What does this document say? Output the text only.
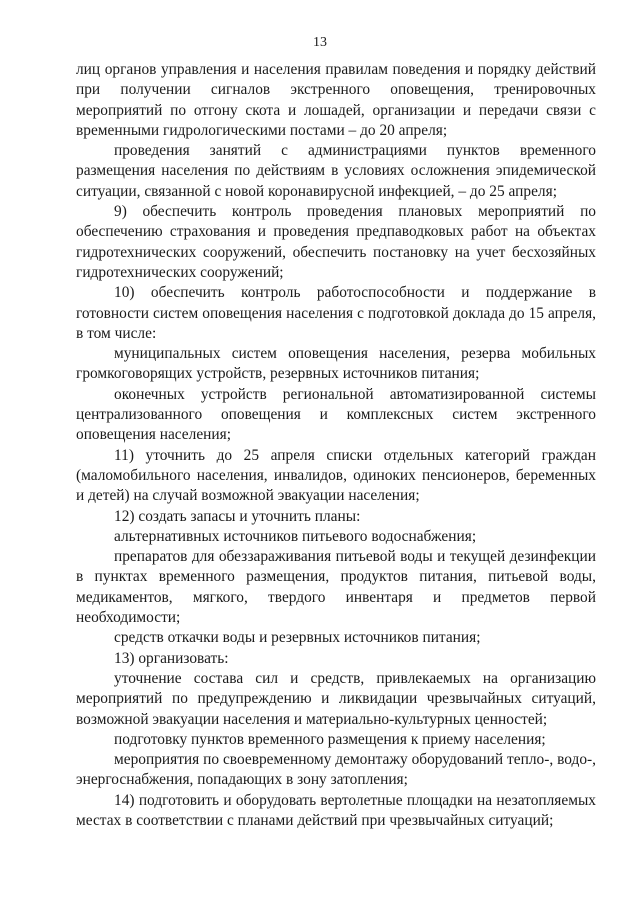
13

лиц органов управления и населения правилам поведения и порядку действий при получении сигналов экстренного оповещения, тренировочных мероприятий по отгону скота и лошадей, организации и передачи связи с временными гидрологическими постами – до 20 апреля;

проведения занятий с администрациями пунктов временного размещения населения по действиям в условиях осложнения эпидемической ситуации, связанной с новой коронавирусной инфекцией, – до 25 апреля;

9) обеспечить контроль проведения плановых мероприятий по обеспечению страхования и проведения предпаводковых работ на объектах гидротехнических сооружений, обеспечить постановку на учет бесхозяйных гидротехнических сооружений;

10) обеспечить контроль работоспособности и поддержание в готовности систем оповещения населения с подготовкой доклада до 15 апреля, в том числе:

муниципальных систем оповещения населения, резерва мобильных громкоговорящих устройств, резервных источников питания;

оконечных устройств региональной автоматизированной системы централизованного оповещения и комплексных систем экстренного оповещения населения;

11) уточнить до 25 апреля списки отдельных категорий граждан (маломобильного населения, инвалидов, одиноких пенсионеров, беременных и детей) на случай возможной эвакуации населения;

12) создать запасы и уточнить планы:

альтернативных источников питьевого водоснабжения;

препаратов для обеззараживания питьевой воды и текущей дезинфекции в пунктах временного размещения, продуктов питания, питьевой воды, медикаментов, мягкого, твердого инвентаря и предметов первой необходимости;

средств откачки воды и резервных источников питания;

13) организовать:

уточнение состава сил и средств, привлекаемых на организацию мероприятий по предупреждению и ликвидации чрезвычайных ситуаций, возможной эвакуации населения и материально-культурных ценностей;

подготовку пунктов временного размещения к приему населения;

мероприятия по своевременному демонтажу оборудований тепло-, водо-, энергоснабжения, попадающих в зону затопления;

14) подготовить и оборудовать вертолетные площадки на незатопляемых местах в соответствии с планами действий при чрезвычайных ситуаций;
